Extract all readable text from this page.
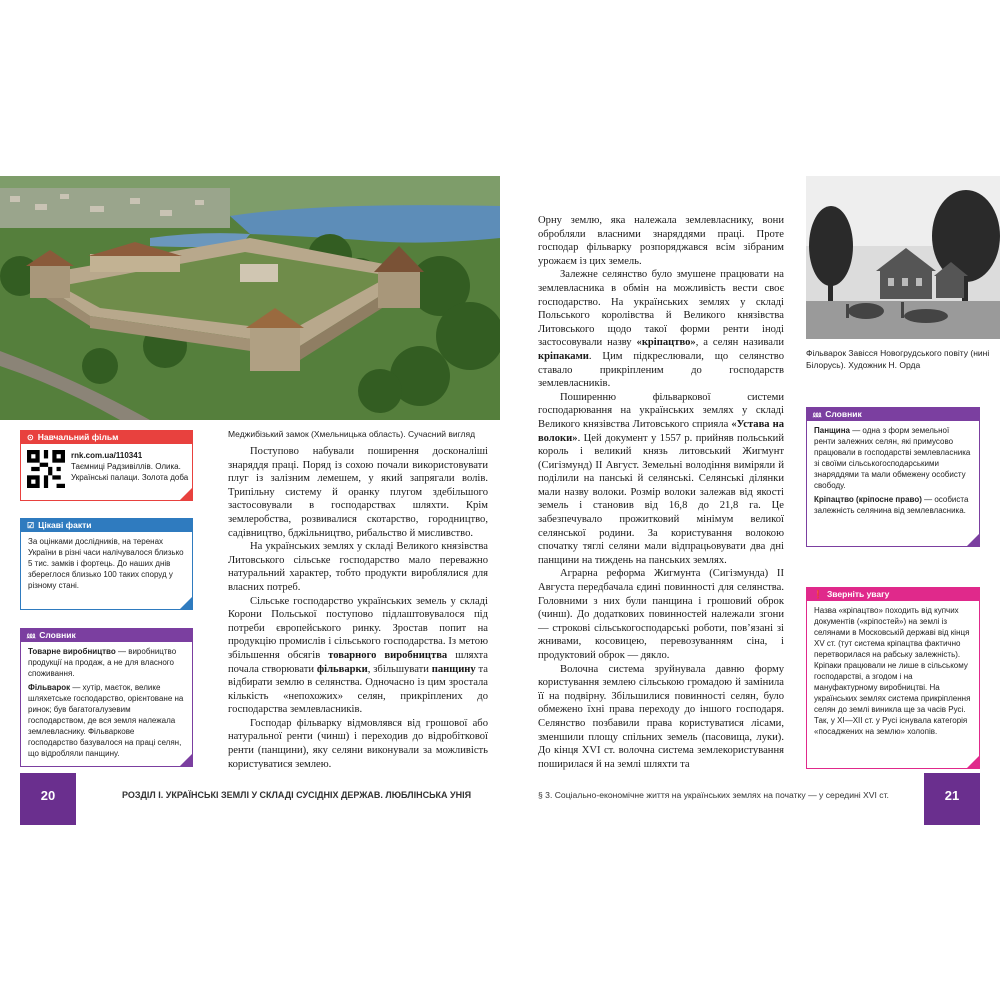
Меджибізький замок (Хмельницька область). Сучасний вигляд
Фільварок Завісся Новогрудського повіту (нині Білорусь). Художник Н. Орда
⊙ Навчальний фільм
rnk.com.ua/110341
Таємниці Радзивіллів. Олика. Українські палаци. Золота доба
☑ Цікаві факти
За оцінками дослідників, на теренах України в різні часи налічувалося близько 5 тис. замків і фортець. До наших днів збереглося близько 100 таких споруд у різному стані.
⅏ Словник

Товарне виробництво — виробництво продукції на продаж, а не для власного споживання.

Фільварок — хутір, маєток, велике шляхетське господарство, орієнтоване на ринок; був багатогалузевим господарством, де вся земля належала землевласнику. Фільваркове господарство базувалося на праці селян, що відробляли панщину.

⅏ Словник

Панщина — одна з форм земельної ренти залежних селян, які примусово працювали в господарстві землевласника зі своїми сільськогосподарськими знаряддями та мали обмежену особисту свободу.

Кріпацтво (кріпосне право) — особиста залежність селянина від землевласника.

❗ Зверніть увагу
Назва «кріпацтво» походить від купчих документів («кріпостей») на землі із селянами в Московській державі від кінця XV ст. (тут система кріпацтва фактично перетворилася на рабську залежність). Кріпаки працювали не лише в сільському господарстві, а згодом і на мануфактурному виробництві. На українських землях система прикріплення селян до землі виникла ще за часів Русі. Так, у ХІ—ХІІ ст. у Русі існувала категорія «посаджених на землю» холопів.

Поступово набували поширення досконаліші знаряддя праці. Поряд із сохою почали використовувати плуг із залізним лемешем, у який запрягали волів. Трипільну систему й оранку плугом здебільшого застосовували в господарствах шляхти. Крім землеробства, розвивалися скотарство, городництво, садівництво, бджільництво, рибальство й мисливство.

На українських землях у складі Великого князівства Литовського сільське господарство мало переважно натуральний характер, тобто продукти вироблялися для власних потреб.

Сільське господарство українських земель у складі Корони Польської поступово підлаштовувалося під потреби європейського ринку. Зростав попит на продукцію промислів і сільського господарства. Із метою збільшення обсягів товарного виробництва шляхта почала створювати фільварки, збільшувати панщину та відбирати землю в селянства. Одночасно із цим зростала кількість «непохожих» селян, прикріплених до господарства землевласників.

Господар фільварку відмовлявся від грошової або натуральної ренти (чинш) і переходив до відробіткової ренти (панщини), яку селяни виконували за можливість користуватися землею.

Орну землю, яка належала землевласнику, вони обробляли власними знаряддями праці. Проте господар фільварку розпоряджався всім зібраним урожаєм із цих земель.

Залежне селянство було змушене працювати на землевласника в обмін на можливість вести своє господарство. На українських землях у складі Польського королівства й Великого князівства Литовського щодо такої форми ренти іноді застосовували назву «кріпацтво», а селян називали кріпаками. Цим підкреслювали, що селянство ставало прикріпленим до господарств землевласників.

Поширенню фільваркової системи господарювання на українських землях у складі Великого князівства Литовського сприяла «Устава на волоки». Цей документ у 1557 р. прийняв польський король і великий князь литовський Жигмунт (Сигізмунд) ІІ Август. Земельні володіння виміряли й поділили на панські й селянські. Селянські ділянки мали назву волоки. Розмір волоки залежав від якості земель і становив від 16,8 до 21,8 га. Це забезпечувало прожитковий мінімум великої селянської родини. За користування волокою спочатку тяглі селяни мали відпрацьовувати два дні панщини на тиждень на панських землях.

Аграрна реформа Жигмунта (Сигізмунда) ІІ Августа передбачала єдині повинності для селянства. Головними з них були панщина і грошовий оброк (чинш). До додаткових повинностей належали згони — строкові сільськогосподарські роботи, пов’язані зі жнивами, косовицею, перевозуванням сіна, і продуктовий оброк — дякло.

Волочна система зруйнувала давню форму користування землею сільською громадою й замінила її на подвірну. Збільшилися повинності селян, було обмежено їхні права переходу до іншого господаря. Селянство позбавили права користуватися лісами, зменшили площу спільних земель (пасовища, луки). До кінця XVI ст. волочна система землекористування поширилася й на землі шляхти та

20	РОЗДІЛ І. УКРАЇНСЬКІ ЗЕМЛІ У СКЛАДІ СУСІДНІХ ДЕРЖАВ. ЛЮБЛІНСЬКА УНІЯ	§ 3. Соціально-економічне життя на українських землях на початку — у середині XVI ст.	21
